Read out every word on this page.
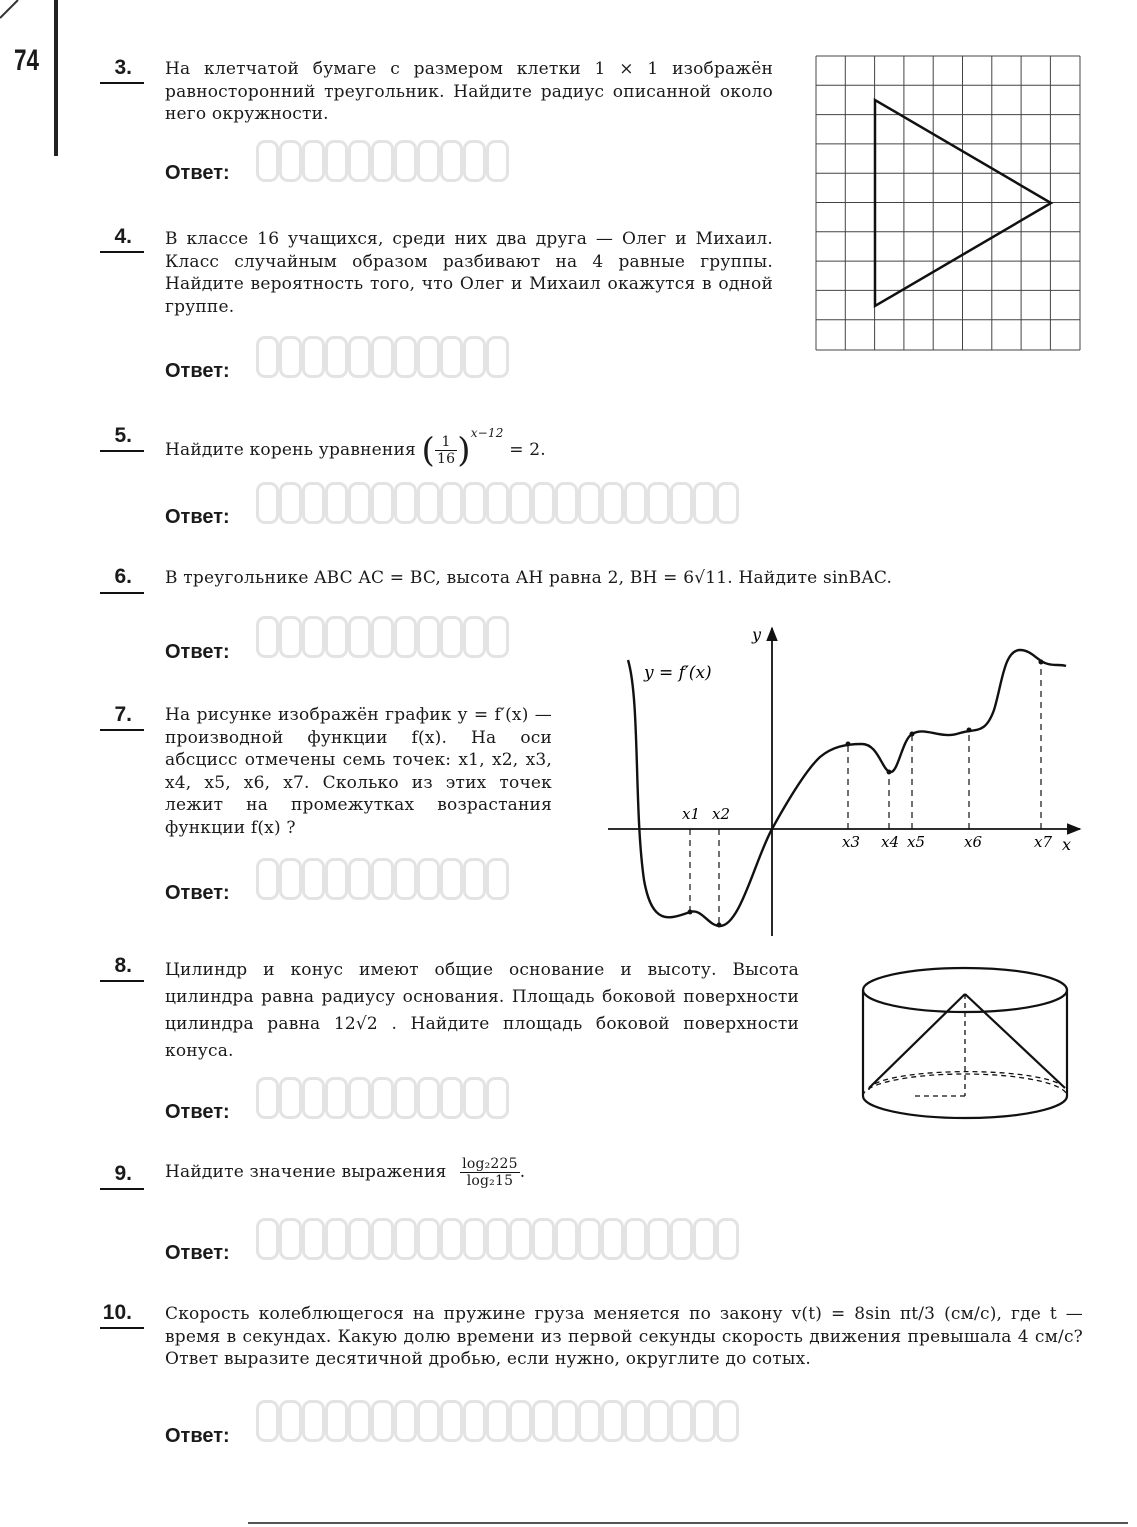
74	3. На клетчатой бумаге с размером клетки 1 × 1 изображён равносторонний треугольник. Найдите радиус описанной около него окружности.
Ответ:
4. В классе 16 учащихся, среди них два друга — Олег и Михаил. Класс случайным образом разбивают на 4 равные группы. Найдите вероятность того, что Олег и Михаил окажутся в одной группе.
Ответ:
5.
Найдите корень уравнения ( $\frac{1}{16} )^{x-12} = 2$.
Ответ:
6. В треугольнике ABC AC = BC, высота AH равна 2, BH = 6√11. Найдите sinBAC.
Ответ:
7. На рисунке изображён график y = f′(x) — производной функции f(x). На оси абсцисс отмечены семь точек: x1, x2, x3, x4, x5, x6, x7. Сколько из этих точек лежит на промежутках возрастания функции f(x) ?
Ответ:
y
x
y = f′(x)
x1 x2
x3 x4 x5	x6	x7
8. Цилиндр и конус имеют общие основание и высоту. Высота цилиндра равна радиусу основания. Площадь боковой поверхности цилиндра равна 12√2 . Найдите площадь боковой поверхности конуса.
Ответ:
9. Найдите значение выражения $\frac{\text{log₂225}}{\text{log₂15}}$ .
Ответ:
10. Скорость колеблющегося на пружине груза меняется по закону v(t) = 8sin πt/3 (см/с), где t — время в секундах. Какую долю времени из первой секунды скорость движения превышала 4 см/с? Ответ выразите десятичной дробью, если нужно, округлите до сотых.
Ответ:
